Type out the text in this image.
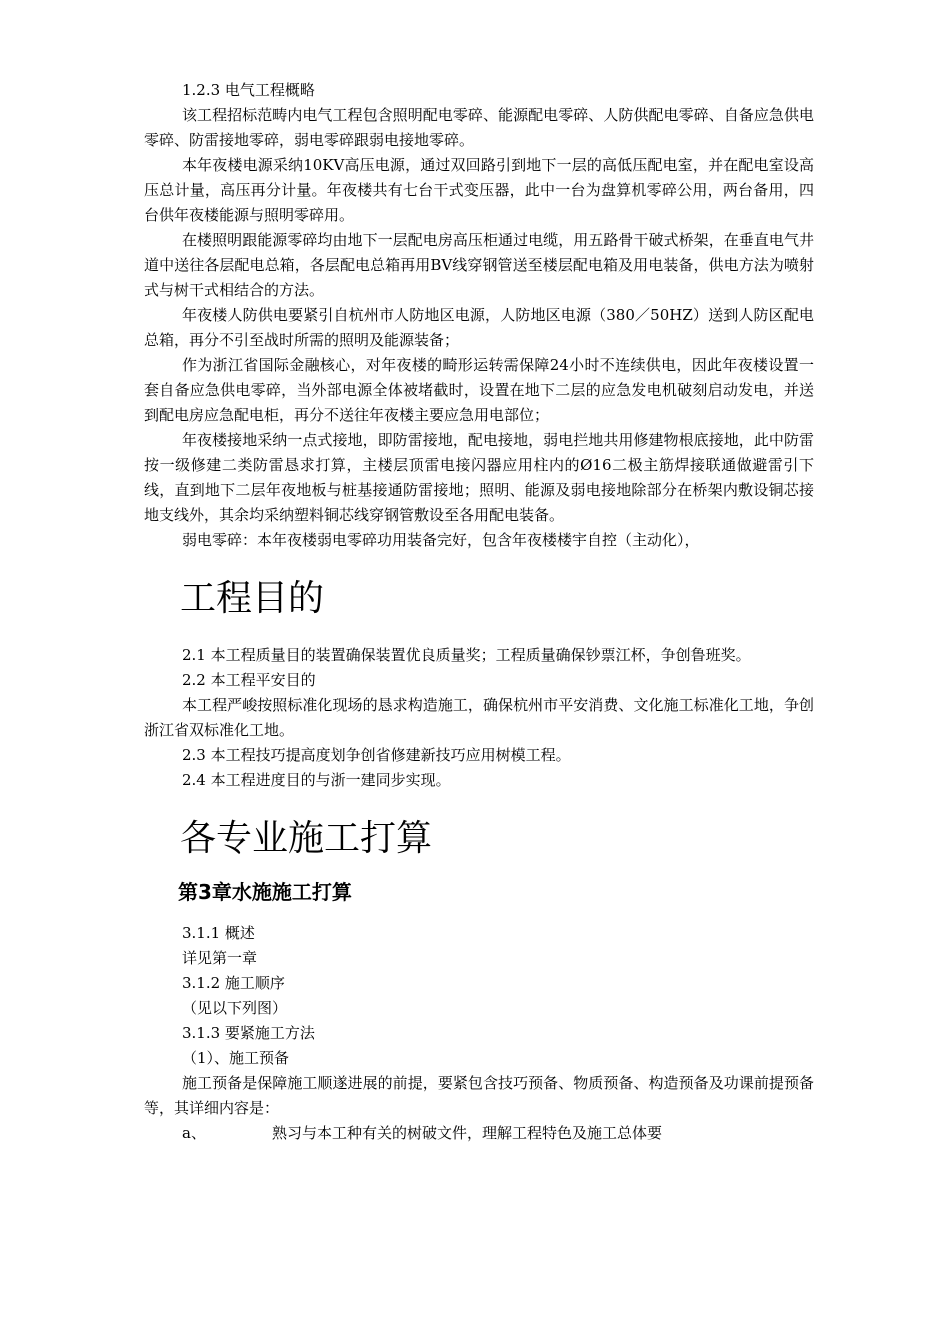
1.2.3 电气工程概略

该工程招标范畴内电气工程包含照明配电零碎、能源配电零碎、人防供配电零碎、自备应急供电零碎、防雷接地零碎，弱电零碎跟弱电接地零碎。

本年夜楼电源采纳10KV高压电源，通过双回路引到地下一层的高低压配电室，并在配电室设高压总计量，高压再分计量。年夜楼共有七台干式变压器，此中一台为盘算机零碎公用，两台备用，四台供年夜楼能源与照明零碎用。

在楼照明跟能源零碎均由地下一层配电房高压柜通过电缆，用五路骨干破式桥架，在垂直电气井道中送往各层配电总箱，各层配电总箱再用BV线穿钢管送至楼层配电箱及用电装备，供电方法为喷射式与树干式相结合的方法。

年夜楼人防供电要紧引自杭州市人防地区电源，人防地区电源（380／50HZ）送到人防区配电总箱，再分不引至战时所需的照明及能源装备；

作为浙江省国际金融核心，对年夜楼的畸形运转需保障24小时不连续供电，因此年夜楼设置一套自备应急供电零碎，当外部电源全体被堵截时，设置在地下二层的应急发电机破刻启动发电，并送到配电房应急配电柜，再分不送往年夜楼主要应急用电部位；

年夜楼接地采纳一点式接地，即防雷接地，配电接地，弱电拦地共用修建物根底接地，此中防雷按一级修建二类防雷恳求打算，主楼层顶雷电接闪器应用柱内的Ø16二极主筋焊接联通做避雷引下线，直到地下二层年夜地板与桩基接通防雷接地；照明、能源及弱电接地除部分在桥架内敷设铜芯接地支线外，其余均采纳塑料铜芯线穿钢管敷设至各用配电装备。

弱电零碎：本年夜楼弱电零碎功用装备完好，包含年夜楼楼宇自控（主动化），

工程目的

2.1 本工程质量目的装置确保装置优良质量奖；工程质量确保钞票江杯，争创鲁班奖。

2.2 本工程平安目的

本工程严峻按照标准化现场的恳求构造施工，确保杭州市平安消费、文化施工标准化工地，争创浙江省双标准化工地。

2.3 本工程技巧提高度划争创省修建新技巧应用树模工程。

2.4 本工程进度目的与浙一建同步实现。

各专业施工打算
第3章水施施工打算

3.1.1 概述

详见第一章

3.1.2 施工顺序

（见以下列图）

3.1.3 要紧施工方法

（1）、施工预备

施工预备是保障施工顺遂进展的前提，要紧包含技巧预备、物质预备、构造预备及功课前提预备等，其详细内容是：

a、	熟习与本工种有关的树破文件，理解工程特色及施工总体要
